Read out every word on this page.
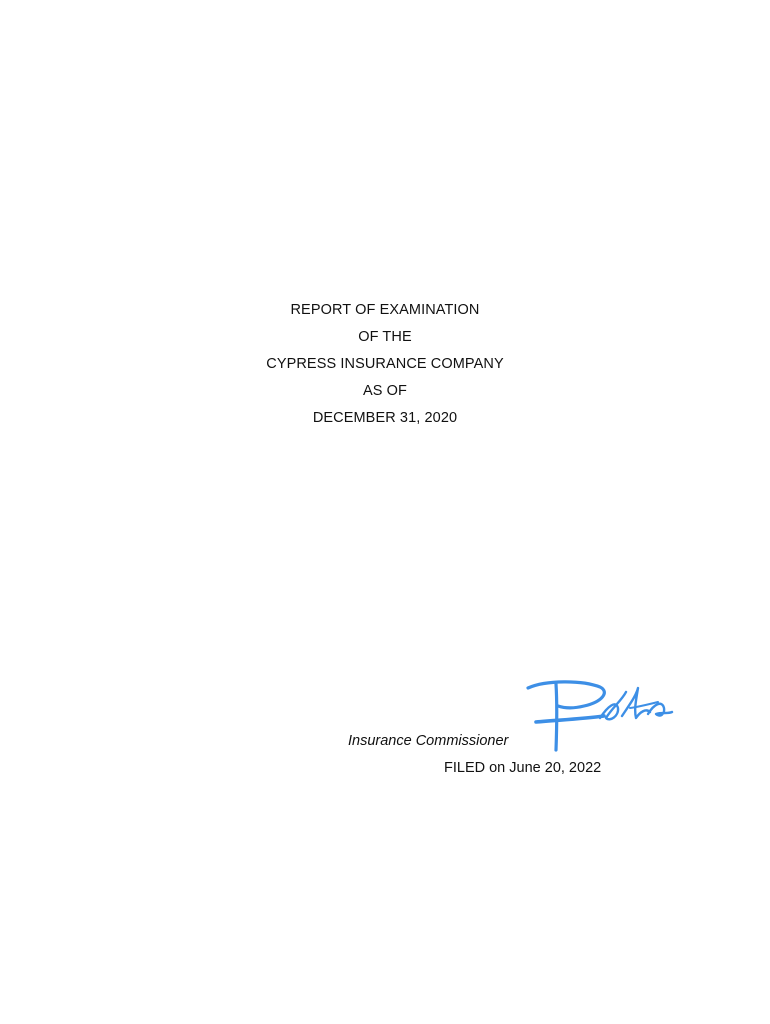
REPORT OF EXAMINATION
OF THE
CYPRESS INSURANCE COMPANY
AS OF
DECEMBER 31, 2020
Insurance Commissioner
FILED on June 20, 2022
